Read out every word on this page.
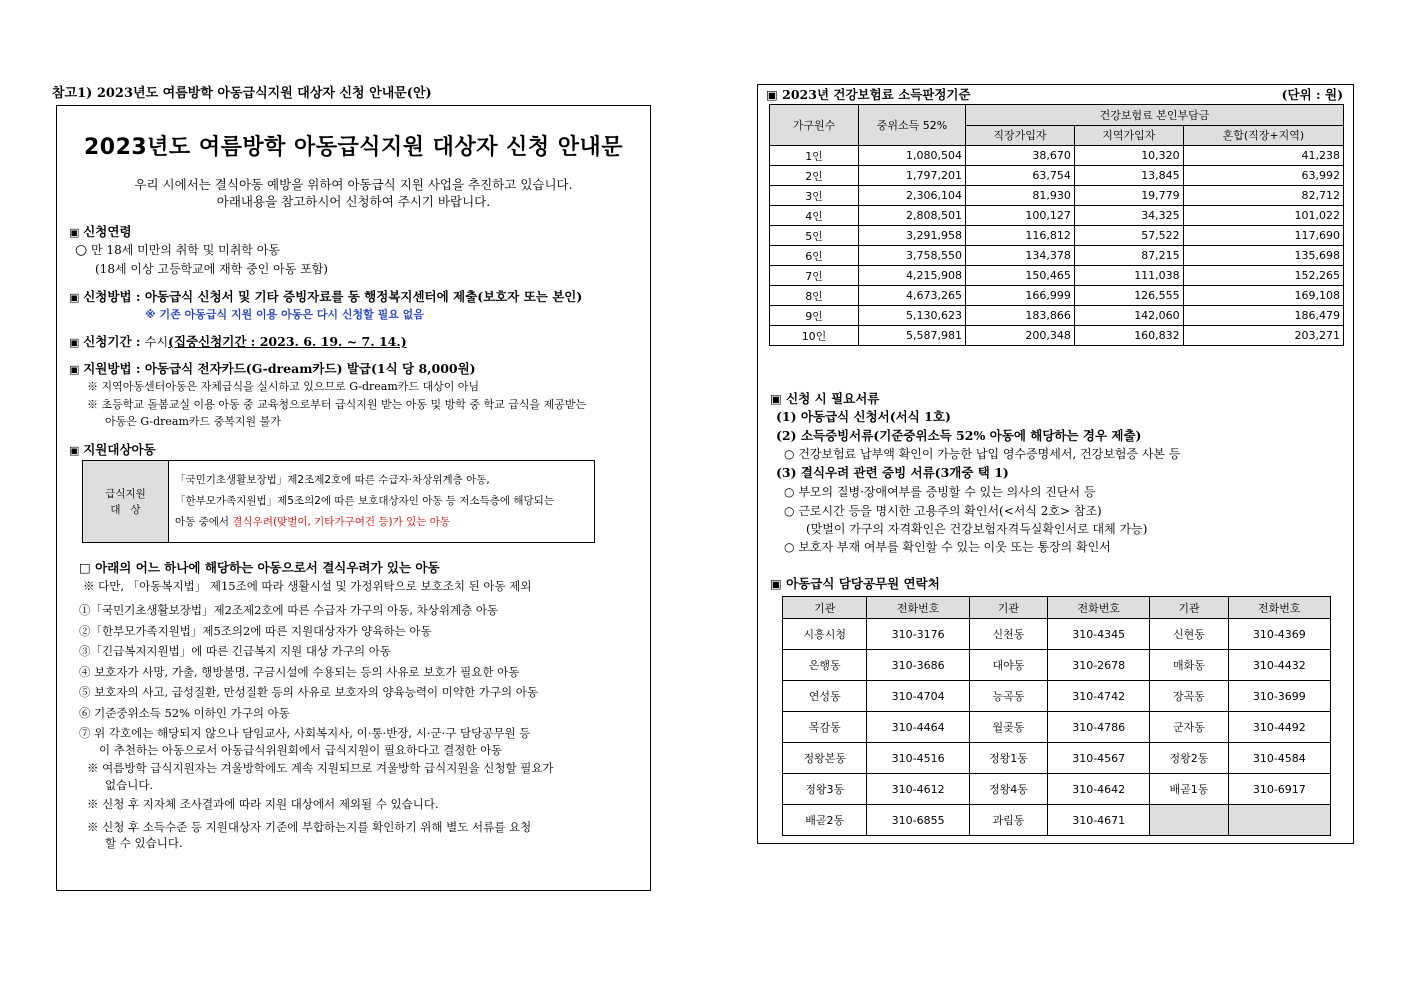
참고1) 2023년도 여름방학 아동급식지원 대상자 신청 안내문(안)
2023년도 여름방학 아동급식지원 대상자 신청 안내문
우리 시에서는 결식아동 예방을 위하여 아동급식 지원 사업을 추진하고 있습니다.
아래내용을 참고하시어 신청하여 주시기 바랍니다.
▣ 신청연령
○ 만 18세 미만의 취학 및 미취학 아동
(18세 이상 고등학교에 재학 중인 아동 포함)
▣ 신청방법 : 아동급식 신청서 및 기타 증빙자료를 동 행정복지센터에 제출(보호자 또는 본인)
※ 기존 아동급식 지원 이용 아동은 다시 신청할 필요 없음
▣ 신청기간 : 수시(집중신청기간 : 2023. 6. 19. ~ 7. 14.)
▣ 지원방법 : 아동급식 전자카드(G-dream카드) 발급(1식 당 8,000원)
※ 지역아동센터아동은 자체급식을 실시하고 있으므로 G-dream카드 대상이 아님
※ 초등학교 돌봄교실 이용 아동 중 교육청으로부터 급식지원 받는 아동 및 방학 중 학교 급식을 제공받는
아동은 G-dream카드 중복지원 불가
▣ 지원대상아동
급식지원
대   상

「국민기초생활보장법」제2조제2호에 따른 수급자·차상위계층 아동,
「한부모가족지원법」제5조의2에 따른 보호대상자인 아동 등 저소득층에 해당되는
아동 중에서 결식우려(맞벌이, 기타가구여건 등)가 있는 아동
□ 아래의 어느 하나에 해당하는 아동으로서 결식우려가 있는 아동
※ 다만, 「아동복지법」 제15조에 따라 생활시설 및 가정위탁으로 보호조치 된 아동 제외
①「국민기초생활보장법」제2조제2호에 따른 수급자 가구의 아동, 차상위계층 아동
②「한부모가족지원법」제5조의2에 따른 지원대상자가 양육하는 아동
③「긴급복지지원법」에 따른 긴급복지 지원 대상 가구의 아동
④ 보호자가 사망, 가출, 행방불명, 구금시설에 수용되는 등의 사유로 보호가 필요한 아동
⑤ 보호자의 사고, 급성질환, 만성질환 등의 사유로 보호자의 양육능력이 미약한 가구의 아동
⑥ 기준중위소득 52% 이하인 가구의 아동
⑦ 위 각호에는 해당되지 않으나 담임교사, 사회복지사, 이·통·반장, 시·군·구 담당공무원 등
이 추천하는 아동으로서 아동급식위원회에서 급식지원이 필요하다고 결정한 아동
※ 여름방학 급식지원자는 겨울방학에도 계속 지원되므로 겨울방학 급식지원을 신청할 필요가
없습니다.
※ 신청 후 지자체 조사결과에 따라 지원 대상에서 제외될 수 있습니다.
※ 신청 후 소득수준 등 지원대상자 기준에 부합하는지를 확인하기 위해 별도 서류를 요청
할 수 있습니다.
▣ 2023년 건강보험료 소득판정기준	(단위 : 원)
가구원수	중위소득 52%	건강보험료 본인부담금		
		직장가입자	지역가입자	혼합(직장+지역)
1인	1,080,504	38,670	10,320	41,238
2인	1,797,201	63,754	13,845	63,992
3인	2,306,104	81,930	19,779	82,712
4인	2,808,501	100,127	34,325	101,022
5인	3,291,958	116,812	57,522	117,690
6인	3,758,550	134,378	87,215	135,698
7인	4,215,908	150,465	111,038	152,265
8인	4,673,265	166,999	126,555	169,108
9인	5,130,623	183,866	142,060	186,479
10인	5,587,981	200,348	160,832	203,271
▣ 신청 시 필요서류
(1) 아동급식 신청서(서식 1호)
(2) 소득증빙서류(기준중위소득 52% 아동에 해당하는 경우 제출)
○ 건강보험료 납부액 확인이 가능한 납입 영수증명세서, 건강보험증 사본 등
(3) 결식우려 관련 증빙 서류(3개중 택 1)
○ 부모의 질병·장애여부를 증빙할 수 있는 의사의 진단서 등
○ 근로시간 등을 명시한 고용주의 확인서(<서식 2호> 참조)
(맞벌이 가구의 자격확인은 건강보험자격득실확인서로 대체 가능)
○ 보호자 부재 여부를 확인할 수 있는 이웃 또는 통장의 확인서
▣ 아동급식 담당공무원 연락처
기관	전화번호	기관	전화번호	기관	전화번호
시흥시청	310-3176	신천동	310-4345	신현동	310-4369
은행동	310-3686	대야동	310-2678	매화동	310-4432
연성동	310-4704	능곡동	310-4742	장곡동	310-3699
목감동	310-4464	월곶동	310-4786	군자동	310-4492
정왕본동	310-4516	정왕1동	310-4567	정왕2동	310-4584
정왕3동	310-4612	정왕4동	310-4642	배곧1동	310-6917
배곧2동	310-6855	과림동	310-4671		
